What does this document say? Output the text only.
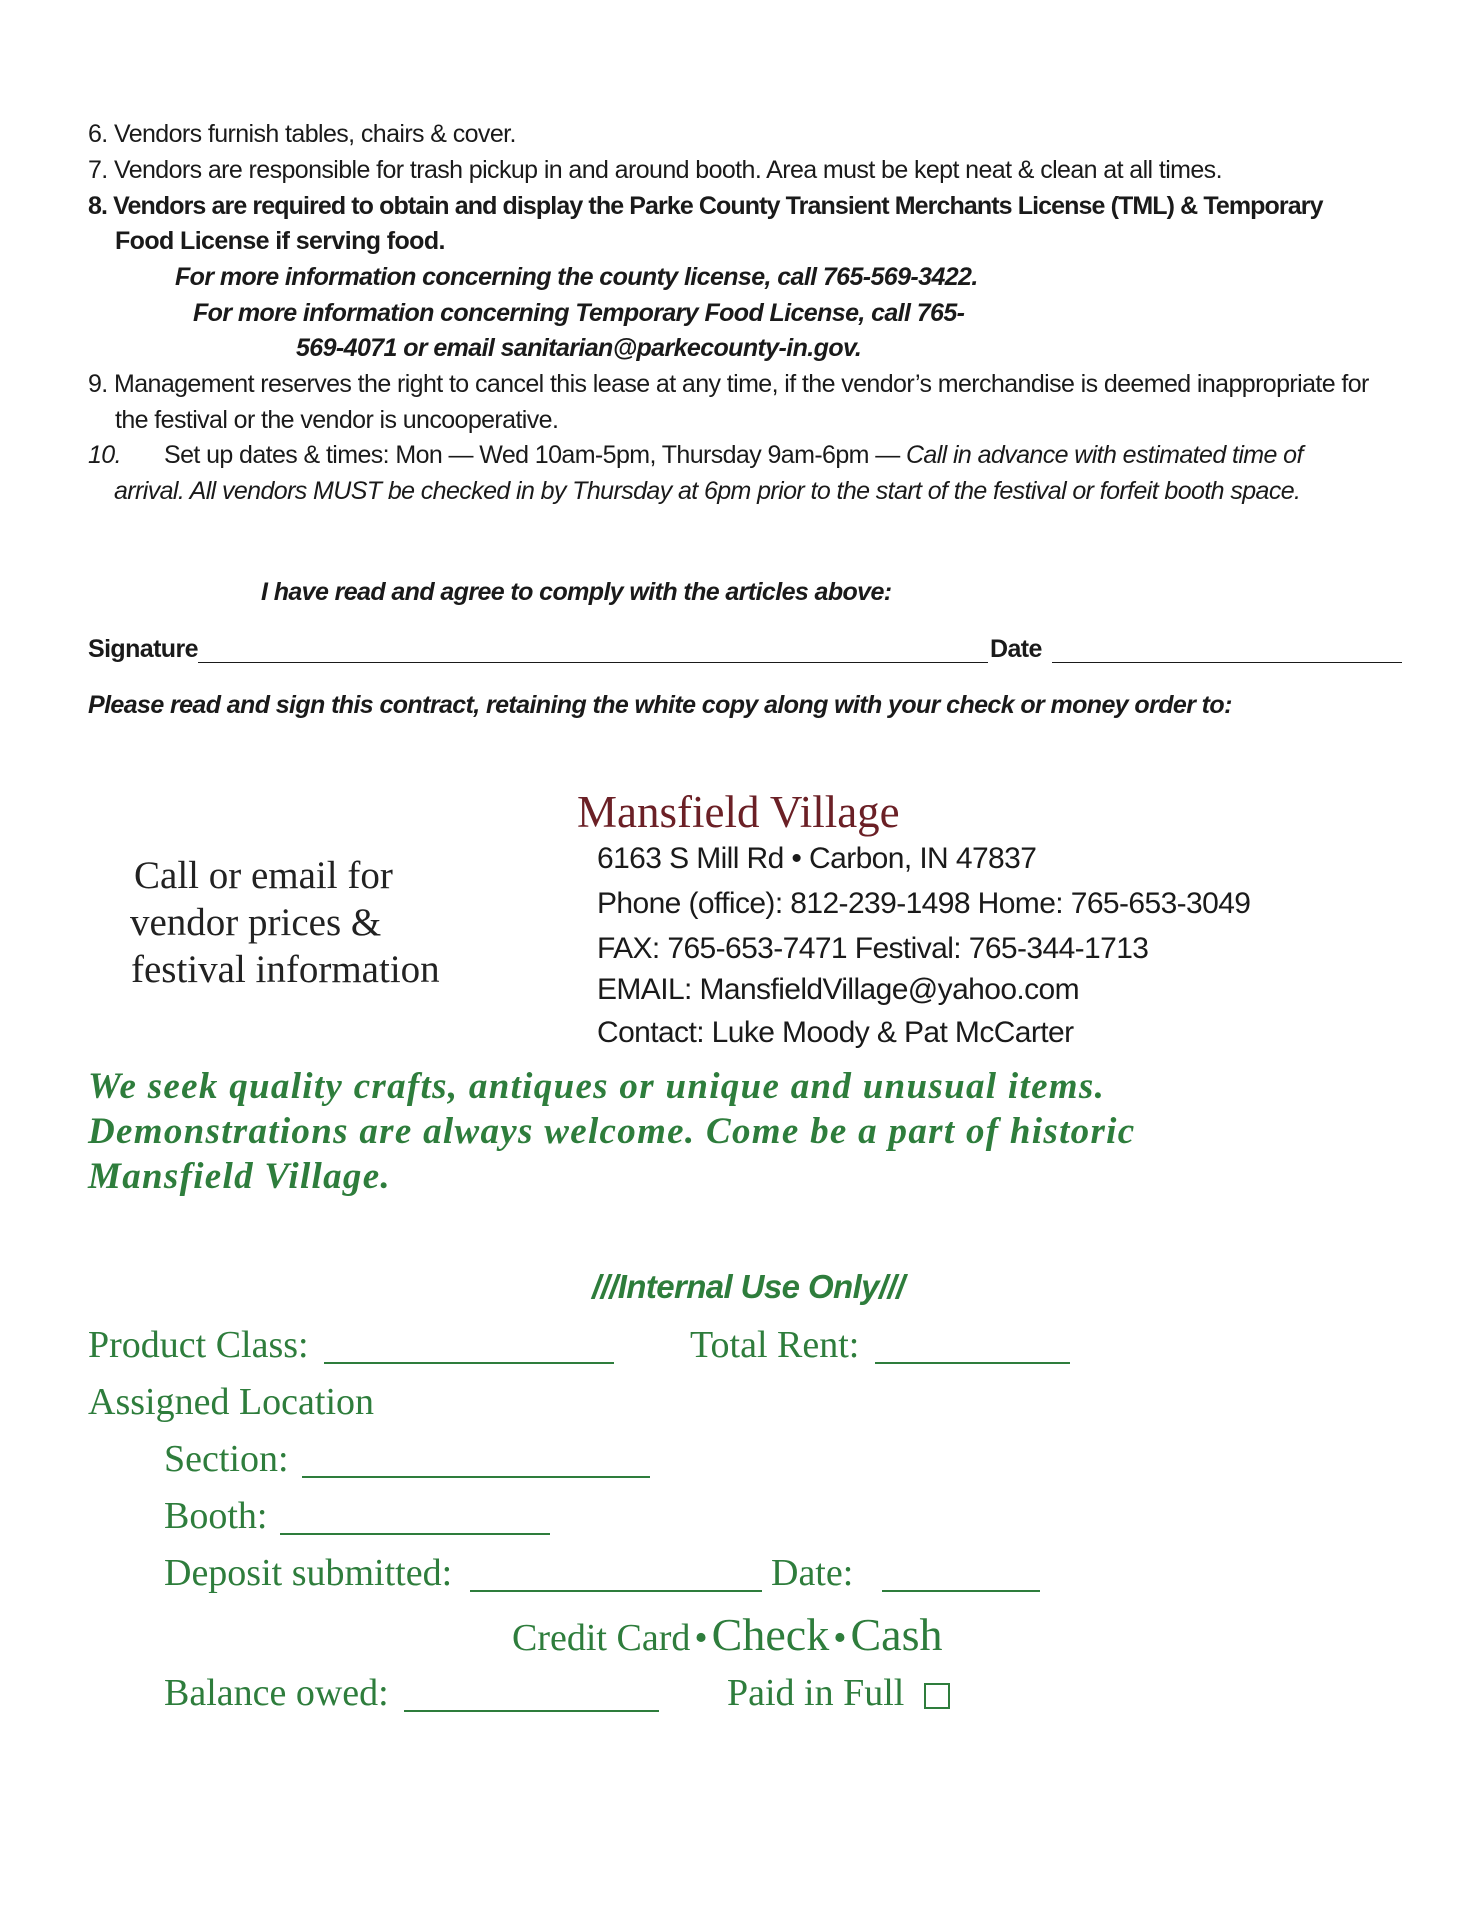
6. Vendors furnish tables, chairs & cover.
7. Vendors are responsible for trash pickup in and around booth. Area must be kept neat & clean at all times.
8. Vendors are required to obtain and display the Parke County Transient Merchants License (TML) & Temporary
Food License if serving food.
For more information concerning the county license, call 765-569-3422.
For more information concerning Temporary Food License, call 765-
569-4071 or email sanitarian@parkecounty-in.gov.
9. Management reserves the right to cancel this lease at any time, if the vendor’s merchandise is deemed inappropriate for
the festival or the vendor is uncooperative.
10. Set up dates & times: Mon — Wed 10am-5pm, Thursday 9am-6pm — Call in advance with estimated time of
arrival. All vendors MUST be checked in by Thursday at 6pm prior to the start of the festival or forfeit booth space.
I have read and agree to comply with the articles above:
Signature	Date
Please read and sign this contract, retaining the white copy along with your check or money order to:
Call or email for
vendor prices &
festival information
Mansfield Village
6163 S Mill Rd • Carbon, IN 47837
Phone (office): 812-239-1498 Home: 765-653-3049
FAX: 765-653-7471 Festival: 765-344-1713
EMAIL: MansfieldVillage@yahoo.com
Contact: Luke Moody & Pat McCarter
We seek quality crafts, antiques or unique and unusual items.
Demonstrations are always welcome. Come be a part of historic
Mansfield Village.
///Internal Use Only///
Product Class:	Total Rent:
Assigned Location
Section:
Booth:
Deposit submitted:	Date:
Credit Card • Check • Cash
Balance owed:	Paid in Full
